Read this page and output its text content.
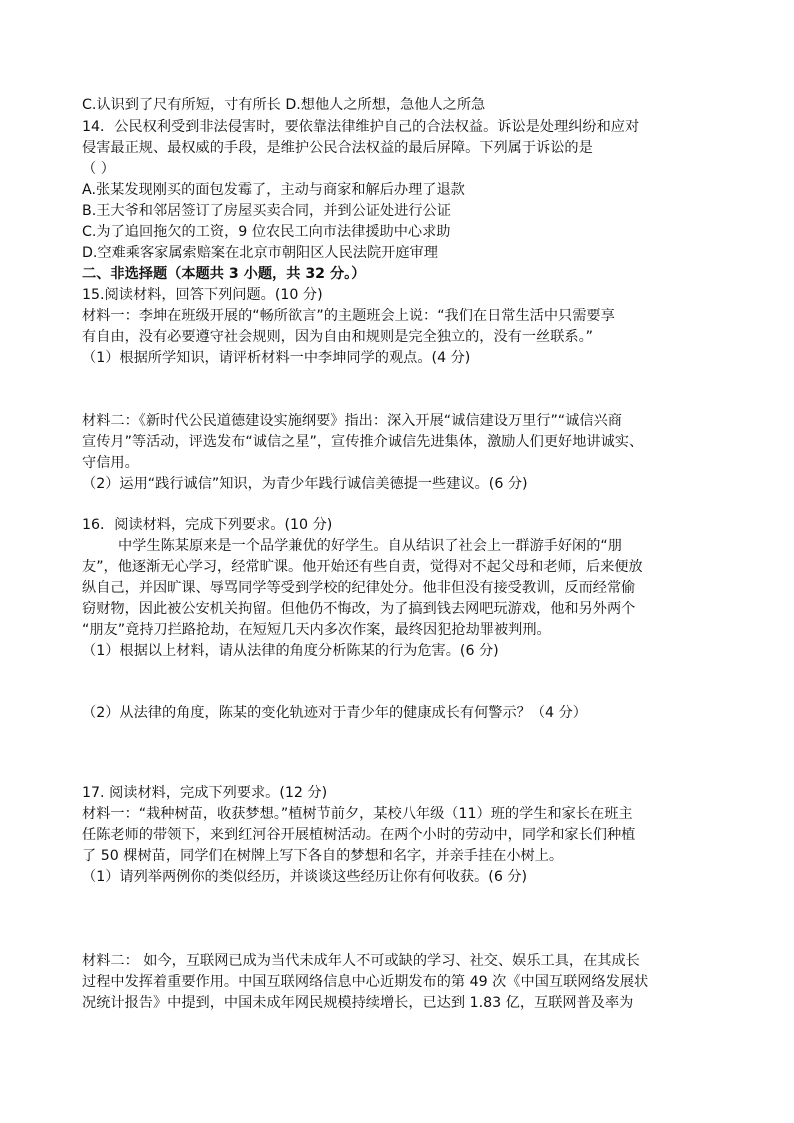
C.认识到了尺有所短，寸有所长 D.想他人之所想，急他人之所急
14．公民权利受到非法侵害时，要依靠法律维护自己的合法权益。诉讼是处理纠纷和应对
侵害最正规、最权威的手段，是维护公民合法权益的最后屏障。下列属于诉讼的是
（ ）
A.张某发现刚买的面包发霉了，主动与商家和解后办理了退款
B.王大爷和邻居签订了房屋买卖合同，并到公证处进行公证
C.为了追回拖欠的工资，9 位农民工向市法律援助中心求助
D.空难乘客家属索赔案在北京市朝阳区人民法院开庭审理
二、非选择题（本题共 3 小题，共 32 分。）
15.阅读材料，回答下列问题。(10 分)
材料一：李坤在班级开展的“畅所欲言”的主题班会上说：“我们在日常生活中只需要享
有自由，没有必要遵守社会规则，因为自由和规则是完全独立的，没有一丝联系。”
（1）根据所学知识，请评析材料一中李坤同学的观点。(4 分)
材料二：《新时代公民道德建设实施纲要》指出：深入开展“诚信建设万里行”“诚信兴商
宣传月”等活动，评选发布“诚信之星”，宣传推介诚信先进集体，激励人们更好地讲诚实、
守信用。
（2）运用“践行诚信”知识，为青少年践行诚信美德提一些建议。(6 分)
16．阅读材料，完成下列要求。(10 分)
中学生陈某原来是一个品学兼优的好学生。自从结识了社会上一群游手好闲的“朋
友”，他逐渐无心学习，经常旷课。他开始还有些自责，觉得对不起父母和老师，后来便放
纵自己，并因旷课、辱骂同学等受到学校的纪律处分。他非但没有接受教训，反而经常偷
窃财物，因此被公安机关拘留。但他仍不悔改，为了搞到钱去网吧玩游戏，他和另外两个
“朋友”竟持刀拦路抢劫，在短短几天内多次作案，最终因犯抢劫罪被判刑。
（1）根据以上材料，请从法律的角度分析陈某的行为危害。(6 分)
（2）从法律的角度，陈某的变化轨迹对于青少年的健康成长有何警示？（4 分）
17. 阅读材料，完成下列要求。(12 分)
材料一：“栽种树苗，收获梦想。”植树节前夕，某校八年级（11）班的学生和家长在班主
任陈老师的带领下，来到红河谷开展植树活动。在两个小时的劳动中，同学和家长们种植
了 50 棵树苗，同学们在树牌上写下各自的梦想和名字，并亲手挂在小树上。
（1）请列举两例你的类似经历，并谈谈这些经历让你有何收获。(6 分)
材料二： 如今，互联网已成为当代未成年人不可或缺的学习、社交、娱乐工具，在其成长
过程中发挥着重要作用。中国互联网络信息中心近期发布的第 49 次《中国互联网络发展状
况统计报告》中提到，中国未成年网民规模持续增长，已达到 1.83 亿，互联网普及率为
